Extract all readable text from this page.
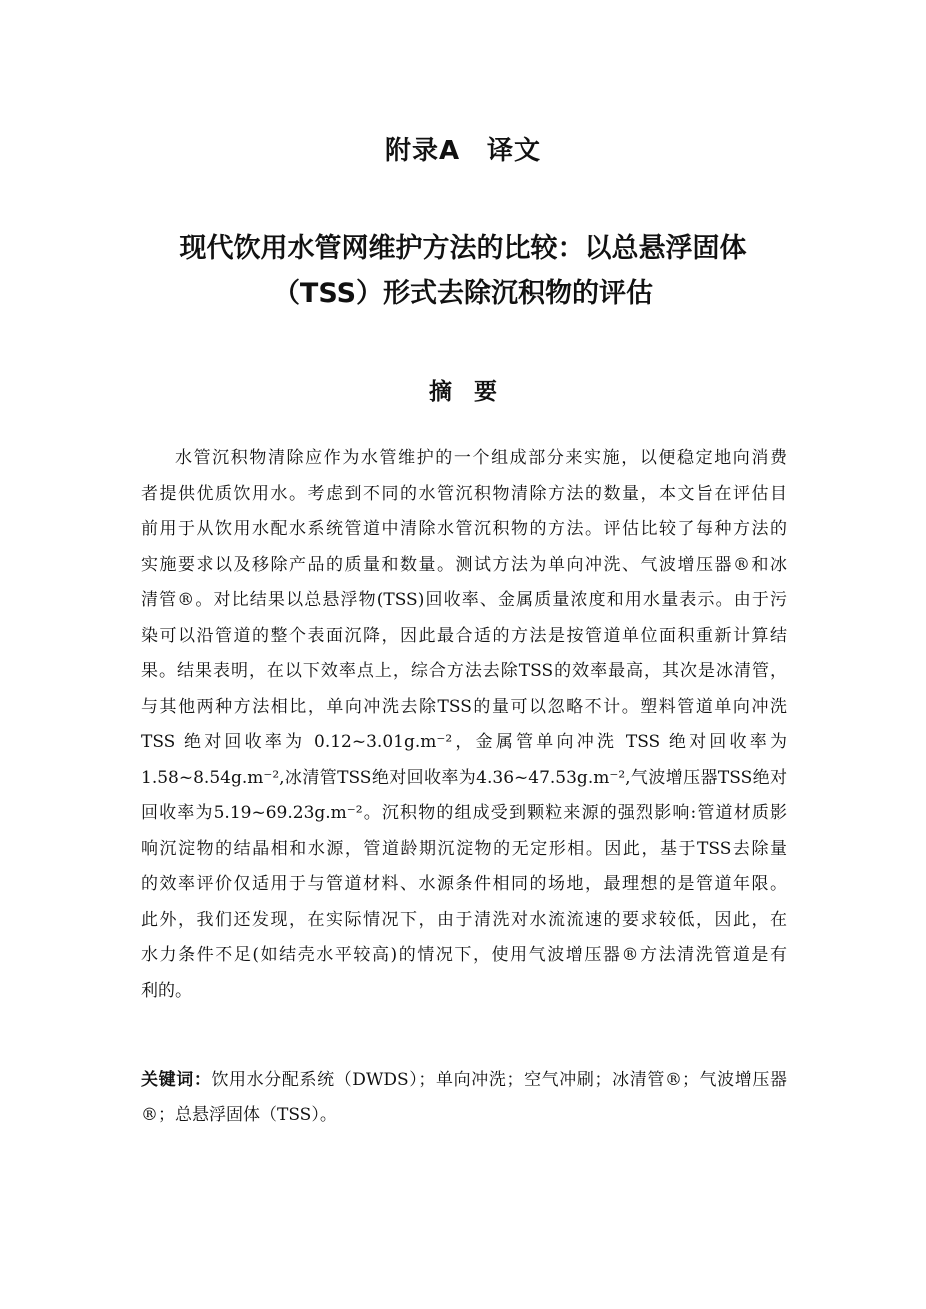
附录A　译文
现代饮用水管网维护方法的比较：以总悬浮固体
（TSS）形式去除沉积物的评估
摘要
水管沉积物清除应作为水管维护的一个组成部分来实施，以便稳定地向消费
者提供优质饮用水。考虑到不同的水管沉积物清除方法的数量，本文旨在评估目
前用于从饮用水配水系统管道中清除水管沉积物的方法。评估比较了每种方法的
实施要求以及移除产品的质量和数量。测试方法为单向冲洗、气波增压器®和冰
清管®。对比结果以总悬浮物(TSS)回收率、金属质量浓度和用水量表示。由于污
染可以沿管道的整个表面沉降，因此最合适的方法是按管道单位面积重新计算结
果。结果表明，在以下效率点上，综合方法去除TSS的效率最高，其次是冰清管，
与其他两种方法相比，单向冲洗去除TSS的量可以忽略不计。塑料管道单向冲洗
TSS 绝对回收率为 0.12~3.01g.m⁻²，金属管单向冲洗 TSS 绝对回收率为
1.58~8.54g.m⁻²,冰清管TSS绝对回收率为4.36~47.53g.m⁻²,气波增压器TSS绝对
回收率为5.19~69.23g.m⁻²。沉积物的组成受到颗粒来源的强烈影响:管道材质影
响沉淀物的结晶相和水源，管道龄期沉淀物的无定形相。因此，基于TSS去除量
的效率评价仅适用于与管道材料、水源条件相同的场地，最理想的是管道年限。
此外，我们还发现，在实际情况下，由于清洗对水流流速的要求较低，因此，在
水力条件不足(如结壳水平较高)的情况下，使用气波增压器®方法清洗管道是有
利的。
关键词：饮用水分配系统（DWDS）；单向冲洗；空气冲刷；冰清管®；气波增压器
®；总悬浮固体（TSS）。
